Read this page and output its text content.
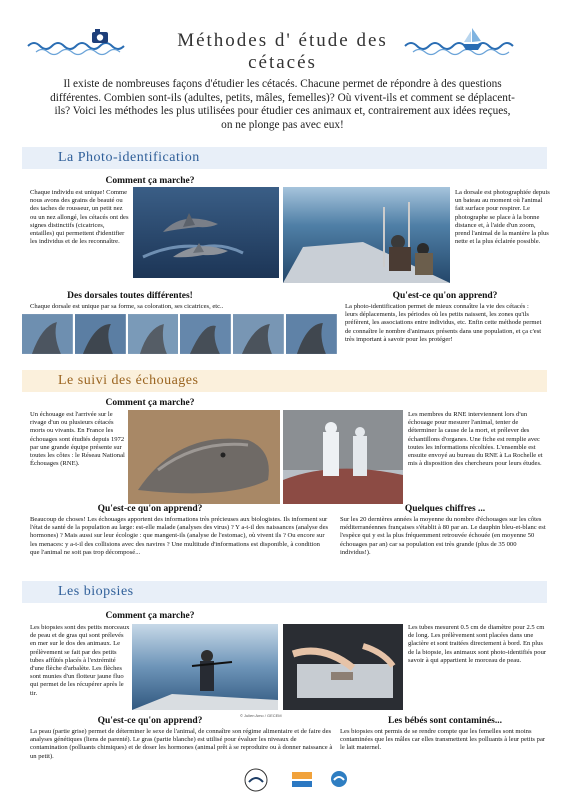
Méthodes d' étude des cétacés
Il existe de nombreuses façons d'étudier les cétacés. Chacune permet de répondre à des questions différentes. Combien sont-ils (adultes, petits, mâles, femelles)? Où vivent-ils et comment se déplacent-ils? Voici les méthodes les plus utilisées pour étudier ces animaux et, contrairement aux idées reçues, on ne plonge pas avec eux!
La Photo-identification
Comment ça marche?
Chaque individu est unique! Comme nous avons des grains de beauté ou des taches de rousseur, un petit nez ou un nez allongé, les cétacés ont des signes distinctifs (cicatrices, entailles) qui permettent d'identifier les individus et de les reconnaître.
La dorsale est photographiée depuis un bateau au moment où l'animal fait surface pour respirer. Le photographe se place à la bonne distance et, à l'aide d'un zoom, prend l'animal de la manière la plus nette et la plus éclairée possible.
Des dorsales toutes différentes!
Chaque dorsale est unique par sa forme, sa coloration, ses cicatrices, etc..
Qu'est-ce qu'on apprend?
La photo-identification permet de mieux connaître la vie des cétacés : leurs déplacements, les périodes où les petits naissent, les zones qu'ils préfèrent, les associations entre individus, etc. Enfin cette méthode permet de connaître le nombre d'animaux présents dans une population, et ça c'est très important à savoir pour les protéger!
Le suivi des échouages
Comment ça marche?
Un échouage est l'arrivée sur le rivage d'un ou plusieurs cétacés morts ou vivants. En France les échouages sont étudiés depuis 1972 par une grande équipe présente sur toutes les côtes : le Réseau National Échouages (RNE).
Les membres du RNE interviennent lors d'un échouage pour mesurer l'animal, tenter de déterminer la cause de la mort, et prélever des échantillons d'organes. Une fiche est remplie avec toutes les informations récoltées. L'ensemble est ensuite envoyé au bureau du RNE à La Rochelle et mis à disposition des chercheurs pour leurs études.
Qu'est-ce qu'on apprend?
Beaucoup de choses! Les échouages apportent des informations très précieuses aux biologistes. Ils informent sur l'état de santé de la population au large: est-elle malade (analyses des virus) ? Y a-t-il des naissances (analyse des hormones) ? Mais aussi sur leur écologie : que mangent-ils (analyse de l'estomac), où vivent ils ? Ou encore sur les menaces: y a-t-il des collisions avec des navires ? Une multitude d'informations est disponible, à condition que l'animal ne soit pas trop décomposé...
Quelques chiffres ...
Sur les 20 dernières années la moyenne du nombre d'échouages sur les côtes méditerranéennes françaises s'établit à 80 par an. Le dauphin bleu-et-blanc est l'espèce qui y est la plus fréquemment retrouvée échouée (en moyenne 50 échouages par an) car sa population est très grande (plus de 35 000 individus!).
Les biopsies
Comment ça marche?
Les biopsies sont des petits morceaux de peau et de gras qui sont prélevés en mer sur le dos des animaux. Le prélèvement se fait par des petits tubes affûtés placés à l'extrémité d'une flèche d'arbalète. Les flèches sont munies d'un flotteur jaune fluo qui permet de les récupérer après le tir.
© Julien Amo / GECEM
Les tubes mesurent 0.5 cm de diamètre pour 2.5 cm de long. Les prélèvement sont placées dans une glacière et sont traitées directement à bord. En plus de la biopsie, les animaux sont photo-identifiés pour savoir à qui appartient le morceau de peau.
Qu'est-ce qu'on apprend?
La peau (partie grise) permet de déterminer le sexe de l'animal, de connaître son régime alimentaire et de faire des analyses génétiques (liens de parenté). Le gras (partie blanche) est utilisé pour évaluer les niveaux de contamination (polluants chimiques) et de doser les hormones (animal prêt à se reproduire ou à donner naissance à un petit).
Les bébés sont contaminés...
Les biopsies ont permis de se rendre compte que les femelles sont moins contaminées que les mâles car elles transmettent les polluants à leur petits par le lait maternel.
